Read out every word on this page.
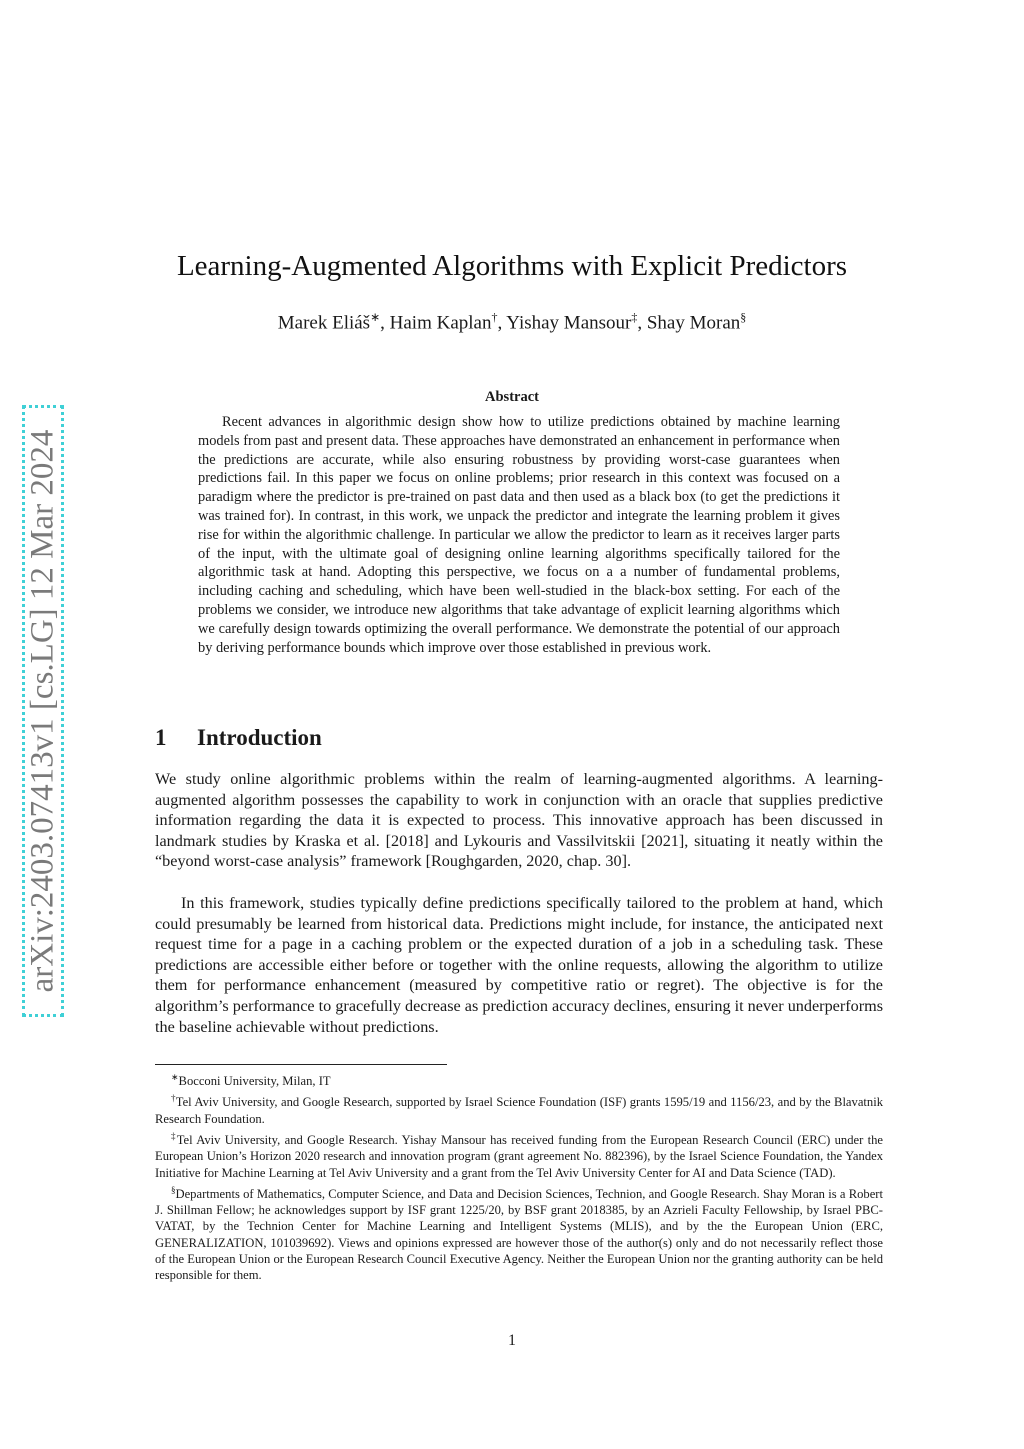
arXiv:2403.07413v1 [cs.LG] 12 Mar 2024
Learning-Augmented Algorithms with Explicit Predictors
Marek Eliáš∗, Haim Kaplan†, Yishay Mansour‡, Shay Moran§
Abstract

Recent advances in algorithmic design show how to utilize predictions obtained by machine learning models from past and present data. These approaches have demonstrated an enhancement in performance when the predictions are accurate, while also ensuring robustness by providing worst-case guarantees when predictions fail. In this paper we focus on online problems; prior research in this context was focused on a paradigm where the predictor is pre-trained on past data and then used as a black box (to get the predictions it was trained for). In contrast, in this work, we unpack the predictor and integrate the learning problem it gives rise for within the algorithmic challenge. In particular we allow the predictor to learn as it receives larger parts of the input, with the ultimate goal of designing online learning algorithms specifically tailored for the algorithmic task at hand. Adopting this perspective, we focus on a a number of fundamental problems, including caching and scheduling, which have been well-studied in the black-box setting. For each of the problems we consider, we introduce new algorithms that take advantage of explicit learning algorithms which we carefully design towards optimizing the overall performance. We demonstrate the potential of our approach by deriving performance bounds which improve over those established in previous work.

1 Introduction

We study online algorithmic problems within the realm of learning-augmented algorithms. A learning-augmented algorithm possesses the capability to work in conjunction with an oracle that supplies predictive information regarding the data it is expected to process. This innovative approach has been discussed in landmark studies by Kraska et al. [2018] and Lykouris and Vassilvitskii [2021], situating it neatly within the “beyond worst-case analysis” framework [Roughgarden, 2020, chap. 30].

In this framework, studies typically define predictions specifically tailored to the problem at hand, which could presumably be learned from historical data. Predictions might include, for instance, the anticipated next request time for a page in a caching problem or the expected duration of a job in a scheduling task. These predictions are accessible either before or together with the online requests, allowing the algorithm to utilize them for performance enhancement (measured by competitive ratio or regret). The objective is for the algorithm’s performance to gracefully decrease as prediction accuracy declines, ensuring it never underperforms the baseline achievable without predictions.

∗Bocconi University, Milan, IT

†Tel Aviv University, and Google Research, supported by Israel Science Foundation (ISF) grants 1595/19 and 1156/23, and by the Blavatnik Research Foundation.

‡Tel Aviv University, and Google Research. Yishay Mansour has received funding from the European Research Council (ERC) under the European Union’s Horizon 2020 research and innovation program (grant agreement No. 882396), by the Israel Science Foundation, the Yandex Initiative for Machine Learning at Tel Aviv University and a grant from the Tel Aviv University Center for AI and Data Science (TAD).

§Departments of Mathematics, Computer Science, and Data and Decision Sciences, Technion, and Google Research. Shay Moran is a Robert J. Shillman Fellow; he acknowledges support by ISF grant 1225/20, by BSF grant 2018385, by an Azrieli Faculty Fellowship, by Israel PBC-VATAT, by the Technion Center for Machine Learning and Intelligent Systems (MLIS), and by the the European Union (ERC, GENERALIZATION, 101039692). Views and opinions expressed are however those of the author(s) only and do not necessarily reflect those of the European Union or the European Research Council Executive Agency. Neither the European Union nor the granting authority can be held responsible for them.

1
